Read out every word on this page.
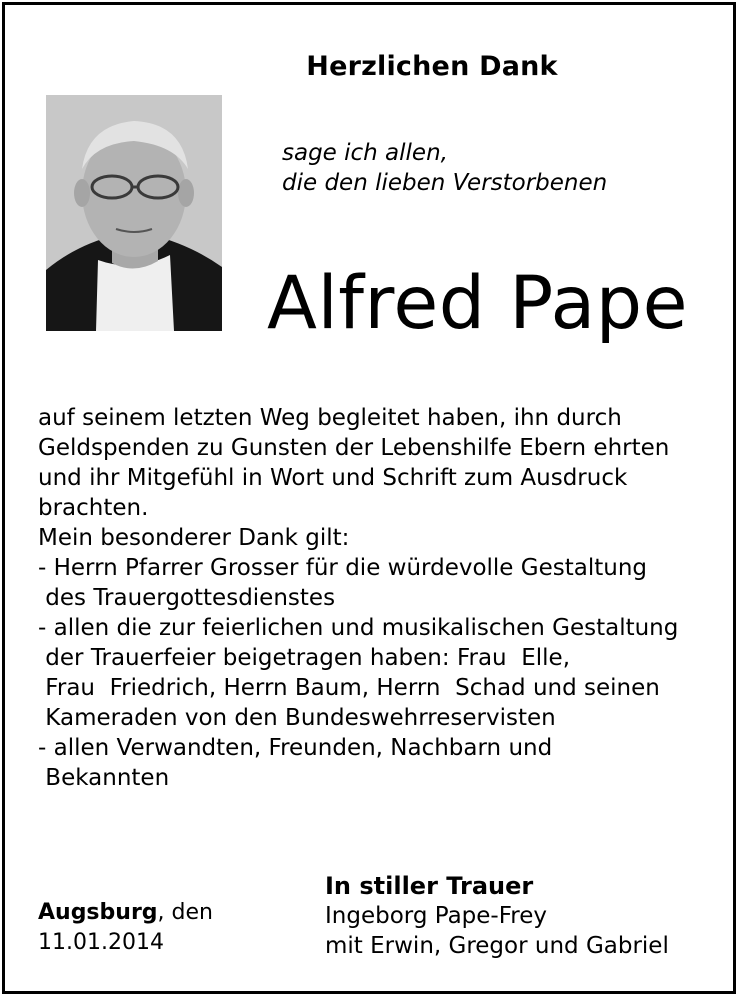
Herzlichen Dank
sage ich allen,
die den lieben Verstorbenen
Alfred Pape
auf seinem letzten Weg begleitet haben, ihn durch
Geldspenden zu Gunsten der Lebenshilfe Ebern ehrten
und ihr Mitgefühl in Wort und Schrift zum Ausdruck
brachten.
Mein besonderer Dank gilt:
- Herrn Pfarrer Grosser für die würdevolle Gestaltung
des Trauergottesdienstes
- allen die zur feierlichen und musikalischen Gestaltung
der Trauerfeier beigetragen haben: Frau  Elle,
Frau  Friedrich, Herrn Baum, Herrn  Schad und seinen
Kameraden von den Bundeswehrreservisten
- allen Verwandten, Freunden, Nachbarn und
Bekannten
Augsburg, den
11.01.2014
In stiller Trauer
Ingeborg Pape-Frey
mit Erwin, Gregor und Gabriel
